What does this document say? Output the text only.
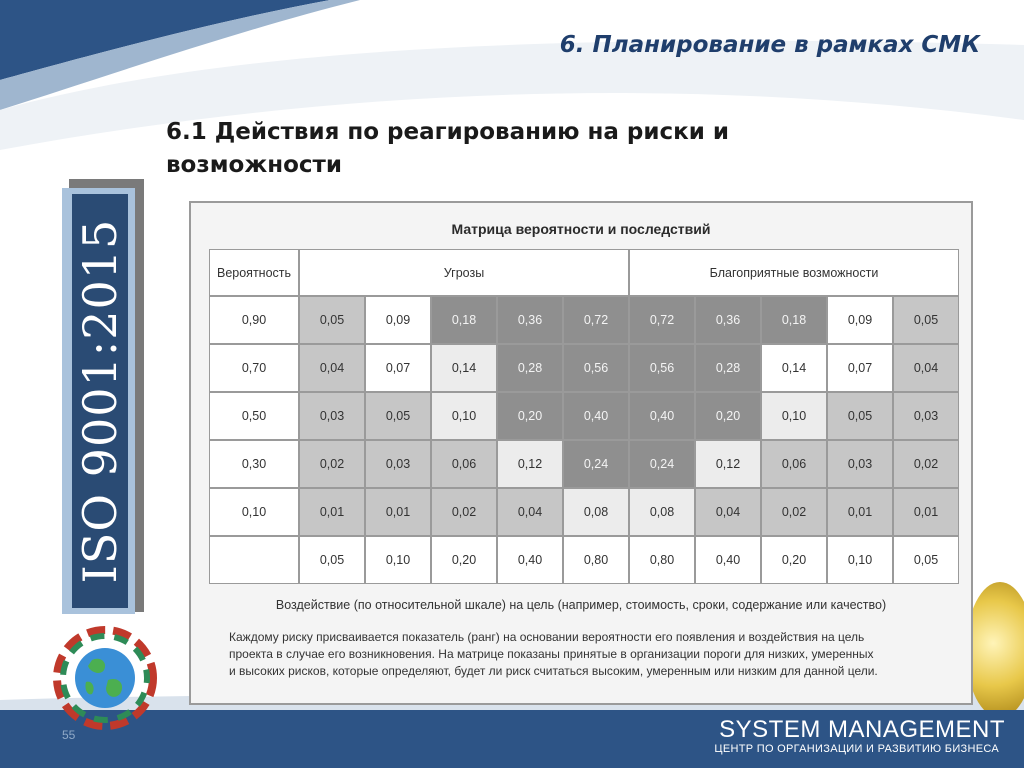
6. Планирование в рамках СМК
6.1 Действия по реагированию на риски и возможности
ISO 9001:2015	Матрица вероятности и последствий
Вероятность	Угрозы					Благоприятные возможности				
0,90	0,05	0,09	0,18	0,36	0,72	0,72	0,36	0,18	0,09	0,05
0,70	0,04	0,07	0,14	0,28	0,56	0,56	0,28	0,14	0,07	0,04
0,50	0,03	0,05	0,10	0,20	0,40	0,40	0,20	0,10	0,05	0,03
0,30	0,02	0,03	0,06	0,12	0,24	0,24	0,12	0,06	0,03	0,02
0,10	0,01	0,01	0,02	0,04	0,08	0,08	0,04	0,02	0,01	0,01
	0,05	0,10	0,20	0,40	0,80	0,80	0,40	0,20	0,10	0,05
Воздействие (по относительной шкале) на цель (например, стоимость, сроки, содержание или качество)
Каждому риску присваивается показатель (ранг) на основании вероятности его появления и воздействия на цель
проекта в случае его возникновения. На матрице показаны принятые в организации пороги для низких, умеренных
и высоких рисков, которые определяют, будет ли риск считаться высоким, умеренным или низким для данной цели.
SYSTEM MANAGEMENT
ЦЕНТР ПО ОРГАНИЗАЦИИ И РАЗВИТИЮ БИЗНЕСА
55
